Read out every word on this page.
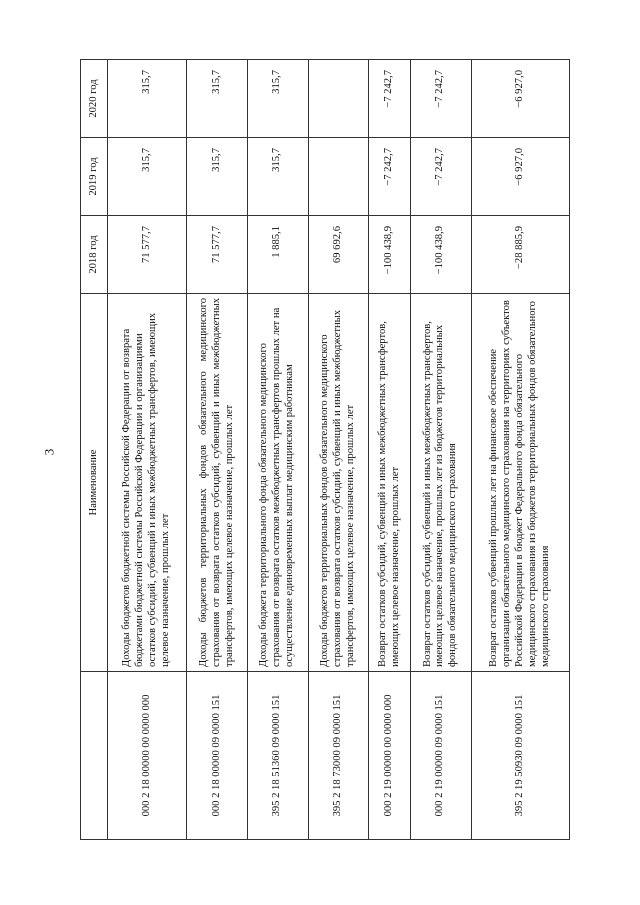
3
		Наименование	2018 год	2019 год	2020 год
000 2 18 00000 00 0000 000	Доходы бюджетов бюджетной системы Российской Федерации от возврата бюджетами бюджетной системы Российской Федерации и организациями остатков субсидий, субвенций и иных межбюджетных трансфертов, имеющих целевое назначение, прошлых лет	71 577,7	315,7	315,7
000 2 18 00000 09 0000 151	Доходы бюджетов территориальных фондов обязательного медицинского страхования от возврата остатков субсидий, субвенций и иных межбюджетных трансфертов, имеющих целевое назначение, прошлых лет	71 577,7	315,7	315,7
395 2 18 51360 09 0000 151	Доходы бюджета территориального фонда обязательного медицинского страхования от возврата остатков межбюджетных трансфертов прошлых лет на осуществление единовременных выплат медицинским работникам	1 885,1	315,7	315,7
395 2 18 73000 09 0000 151	Доходы бюджетов территориальных фондов обязательного медицинского страхования от возврата остатков субсидий, субвенций и иных межбюджетных трансфертов, имеющих целевое назначение, прошлых лет	69 692,6		
000 2 19 00000 00 0000 000	Возврат остатков субсидий, субвенций и иных межбюджетных трансфертов, имеющих целевое назначение, прошлых лет	−100 438,9	−7 242,7	−7 242,7
000 2 19 00000 09 0000 151	Возврат остатков субсидий, субвенций и иных межбюджетных трансфертов, имеющих целевое назначение, прошлых лет из бюджетов территориальных фондов обязательного медицинского страхования	−100 438,9	−7 242,7	−7 242,7
395 2 19 50930 09 0000 151	Возврат остатков субвенций прошлых лет на финансовое обеспечение организации обязательного медицинского страхования на территориях субъектов Российской Федерации в бюджет Федерального фонда обязательного медицинского страхования из бюджетов территориальных фондов обязательного медицинского страхования	−28 885,9	−6 927,0	−6 927,0
